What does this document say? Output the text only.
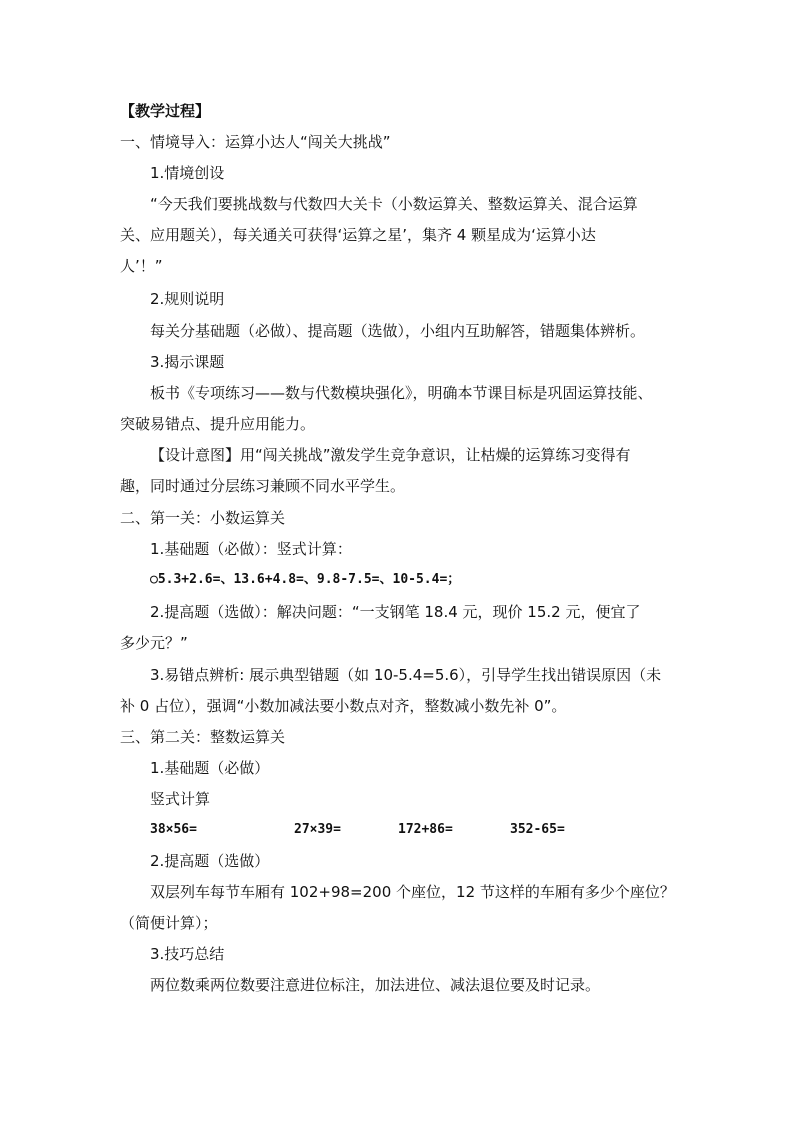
【教学过程】
一、情境导入：运算小达人“闯关大挑战”
1.情境创设
“今天我们要挑战数与代数四大关卡（小数运算关、整数运算关、混合运算
关、应用题关），每关通关可获得‘运算之星’，集齐 4 颗星成为‘运算小达
人’！”
2.规则说明
每关分基础题（必做）、提高题（选做），小组内互助解答，错题集体辨析。
3.揭示课题
板书《专项练习——数与代数模块强化》，明确本节课目标是巩固运算技能、
突破易错点、提升应用能力。
【设计意图】用“闯关挑战”激发学生竞争意识，让枯燥的运算练习变得有
趣，同时通过分层练习兼顾不同水平学生。
二、第一关：小数运算关
1.基础题（必做）：竖式计算：
○5.3+2.6=、13.6+4.8=、9.8-7.5=、10-5.4=；
2.提高题（选做）：解决问题：“一支钢笔 18.4 元，现价 15.2 元，便宜了
多少元？”
3.易错点辨析: 展示典型错题（如 10-5.4=5.6），引导学生找出错误原因（未
补 0 占位），强调“小数加减法要小数点对齐，整数减小数先补 0”。
三、第二关：整数运算关
1.基础题（必做）
竖式计算
38×56=	27×39=	172+86=	352-65=
2.提高题（选做）
双层列车每节车厢有 102+98=200 个座位，12 节这样的车厢有多少个座位？
（简便计算）；
3.技巧总结
两位数乘两位数要注意进位标注，加法进位、减法退位要及时记录。
